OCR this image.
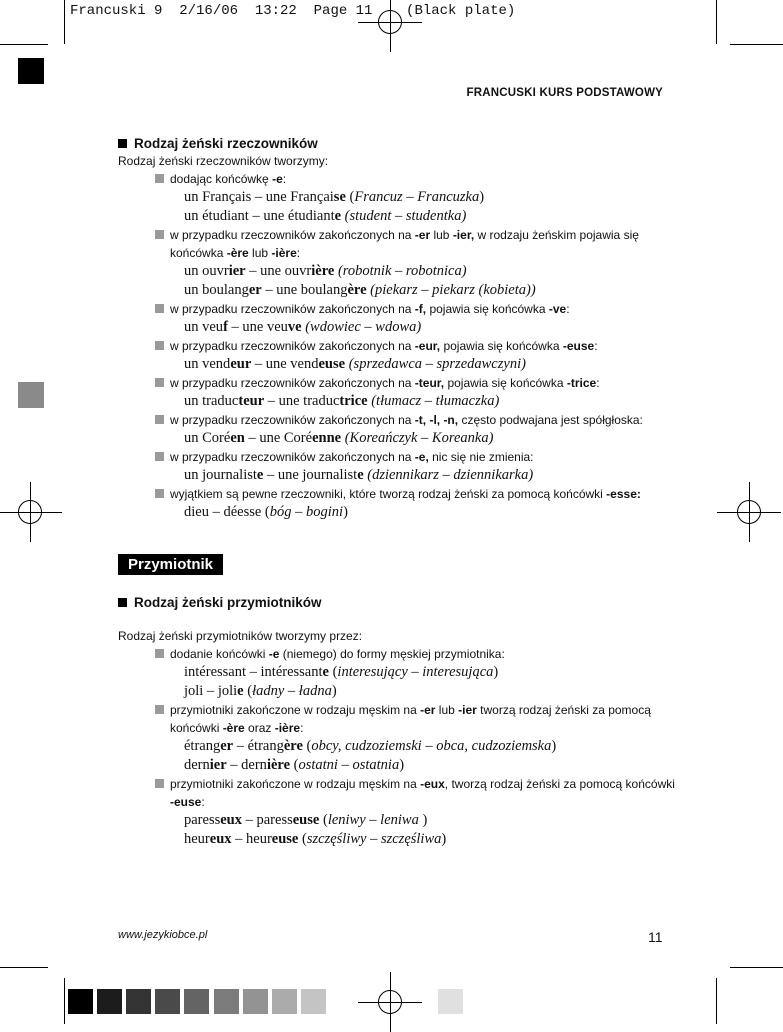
Francuski 9  2/16/06  13:22  Page 11    (Black plate)
FRANCUSKI KURS PODSTAWOWY
Rodzaj żeński rzeczowników
Rodzaj żeński rzeczowników tworzymy:
dodając końcówkę -e:
un Français – une Française (Francuz – Francuzka)
un étudiant – une étudiante (student – studentka)
w przypadku rzeczowników zakończonych na -er lub -ier, w rodzaju żeńskim pojawia się końcówka -ère lub -ière:
un ouvrier – une ouvrière (robotnik – robotnica)
un boulanger – une boulangère (piekarz – piekarz (kobieta))
w przypadku rzeczowników zakończonych na -f, pojawia się końcówka -ve:
un veuf – une veuve (wdowiec – wdowa)
w przypadku rzeczowników zakończonych na -eur, pojawia się końcówka -euse:
un vendeur – une vendeuse (sprzedawca – sprzedawczyni)
w przypadku rzeczowników zakończonych na -teur, pojawia się końcówka -trice:
un traducteur – une traductrice (tłumacz – tłumaczka)
w przypadku rzeczowników zakończonych na -t, -l, -n, często podwajana jest spółgłoska:
un Coréen – une Coréenne (Koreańczyk – Koreanka)
w przypadku rzeczowników zakończonych na -e, nic się nie zmienia:
un journaliste – une journaliste (dziennikarz – dziennikarka)
wyjątkiem są pewne rzeczowniki, które tworzą rodzaj żeński za pomocą końcówki -esse:
dieu – déesse (bóg – bogini)
Przymiotnik
Rodzaj żeński przymiotników
Rodzaj żeński przymiotników tworzymy przez:
dodanie końcówki -e (niemego) do formy męskiej przymiotnika:
intéressant – intéressante (interesujący – interesująca)
joli – jolie (ładny – ładna)
przymiotniki zakończone w rodzaju męskim na -er lub -ier tworzą rodzaj żeński za pomocą końcówki -ère oraz -ière:
étranger – étrangère (obcy, cudzoziemski – obca, cudzoziemska)
dernier – dernière (ostatni – ostatnia)
przymiotniki zakończone w rodzaju męskim na -eux, tworzą rodzaj żeński za pomocą końcówki -euse:
paresseux – paresseuse (leniwy – leniwa )
heureux – heureuse (szczęśliwy – szczęśliwa)
www.jezykiobce.pl	11
